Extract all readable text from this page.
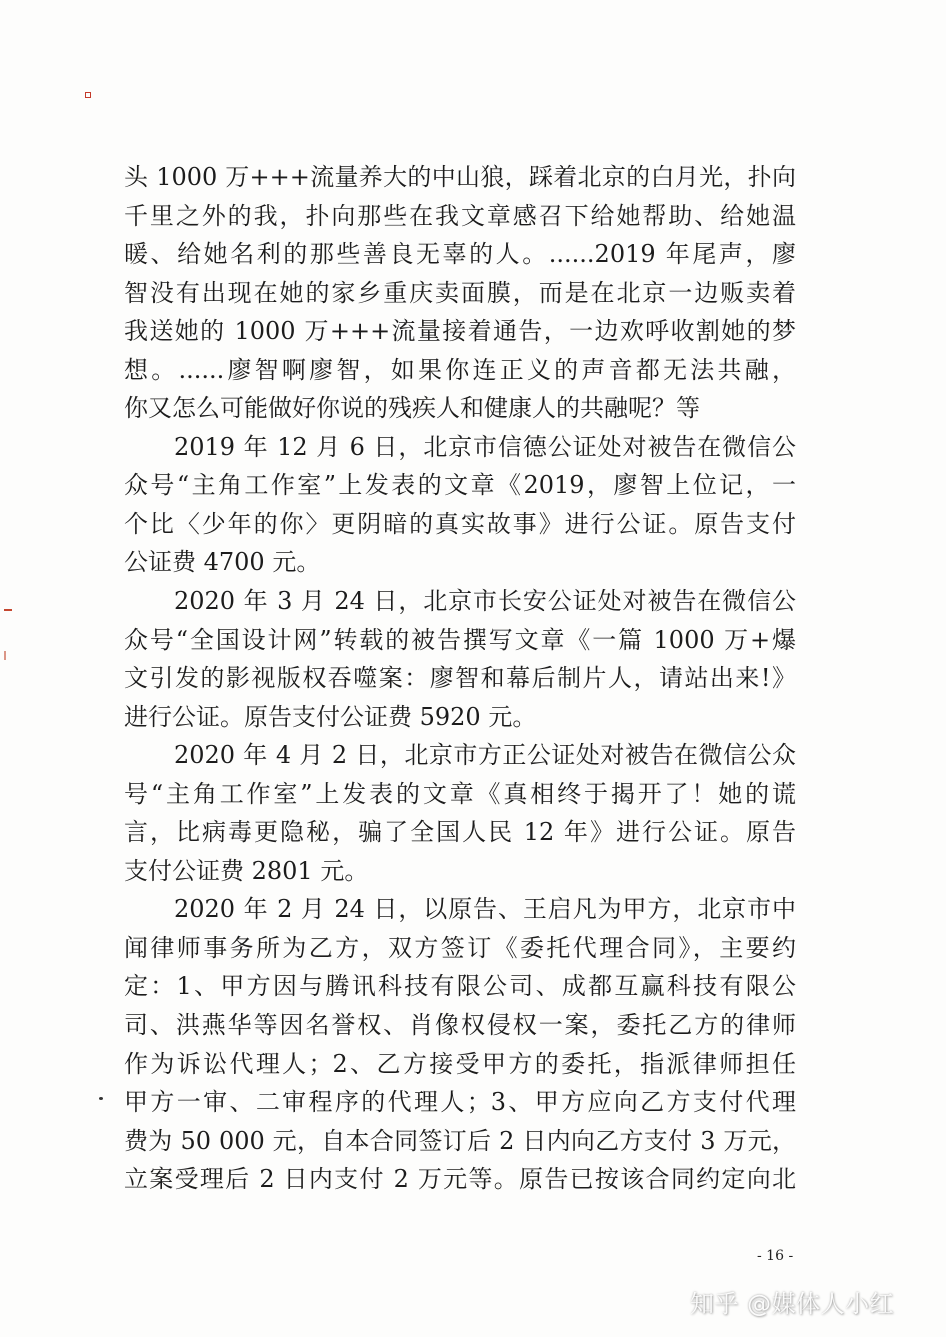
头 1000 万+++流量养大的中山狼，踩着北京的白月光，扑向
千里之外的我，扑向那些在我文章感召下给她帮助、给她温
暖、给她名利的那些善良无辜的人。......2019 年尾声，廖
智没有出现在她的家乡重庆卖面膜，而是在北京一边贩卖着
我送她的 1000 万+++流量接着通告，一边欢呼收割她的梦
想。......廖智啊廖智，如果你连正义的声音都无法共融，
你又怎么可能做好你说的残疾人和健康人的共融呢？等
2019 年 12 月 6 日，北京市信德公证处对被告在微信公
众号“主角工作室”上发表的文章《2019，廖智上位记，一
个比〈少年的你〉更阴暗的真实故事》进行公证。原告支付
公证费 4700 元。
2020 年 3 月 24 日，北京市长安公证处对被告在微信公
众号“全国设计网”转载的被告撰写文章《一篇 1000 万+爆
文引发的影视版权吞噬案：廖智和幕后制片人，请站出来!》
进行公证。原告支付公证费 5920 元。
2020 年 4 月 2 日，北京市方正公证处对被告在微信公众
号“主角工作室”上发表的文章《真相终于揭开了！她的谎
言，比病毒更隐秘，骗了全国人民 12 年》进行公证。原告
支付公证费 2801 元。
2020 年 2 月 24 日，以原告、王启凡为甲方，北京市中
闻律师事务所为乙方，双方签订《委托代理合同》，主要约
定：1、甲方因与腾讯科技有限公司、成都互赢科技有限公
司、洪燕华等因名誉权、肖像权侵权一案，委托乙方的律师
作为诉讼代理人；2、乙方接受甲方的委托，指派律师担任
甲方一审、二审程序的代理人；3、甲方应向乙方支付代理
费为 50 000 元，自本合同签订后 2 日内向乙方支付 3 万元，
立案受理后 2 日内支付 2 万元等。原告已按该合同约定向北
- 16 -
知乎 @媒体人小红
